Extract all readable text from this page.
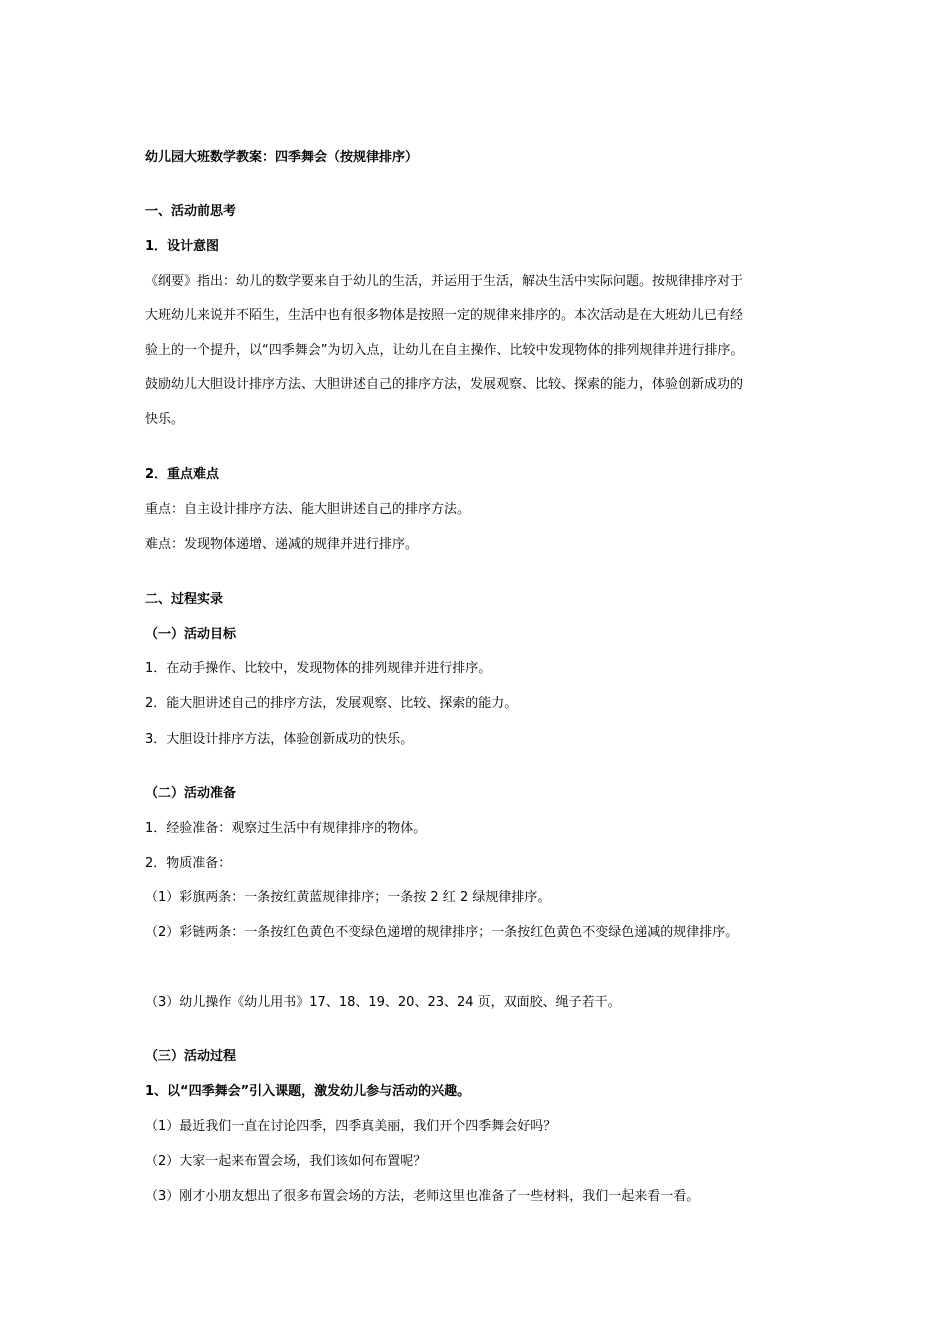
幼儿园大班数学教案：四季舞会（按规律排序）
一、活动前思考
1．设计意图
《纲要》指出：幼儿的数学要来自于幼儿的生活，并运用于生活，解决生活中实际问题。按规律排序对于
大班幼儿来说并不陌生，生活中也有很多物体是按照一定的规律来排序的。本次活动是在大班幼儿已有经
验上的一个提升，以“四季舞会”为切入点，让幼儿在自主操作、比较中发现物体的排列规律并进行排序。
鼓励幼儿大胆设计排序方法、大胆讲述自己的排序方法，发展观察、比较、探索的能力，体验创新成功的
快乐。
2．重点难点
重点：自主设计排序方法、能大胆讲述自己的排序方法。
难点：发现物体递增、递减的规律并进行排序。
二、过程实录
（一）活动目标
1．在动手操作、比较中，发现物体的排列规律并进行排序。
2．能大胆讲述自己的排序方法，发展观察、比较、探索的能力。
3．大胆设计排序方法，体验创新成功的快乐。
（二）活动准备
1．经验准备：观察过生活中有规律排序的物体。
2．物质准备：
（1）彩旗两条：一条按红黄蓝规律排序；一条按 2 红 2 绿规律排序。
（2）彩链两条：一条按红色黄色不变绿色递增的规律排序；一条按红色黄色不变绿色递减的规律排序。
（3）幼儿操作《幼儿用书》17、18、19、20、23、24 页，双面胶、绳子若干。
（三）活动过程
1、以“四季舞会”引入课题，激发幼儿参与活动的兴趣。
（1）最近我们一直在讨论四季，四季真美丽，我们开个四季舞会好吗？
（2）大家一起来布置会场，我们该如何布置呢？
（3）刚才小朋友想出了很多布置会场的方法，老师这里也准备了一些材料，我们一起来看一看。
